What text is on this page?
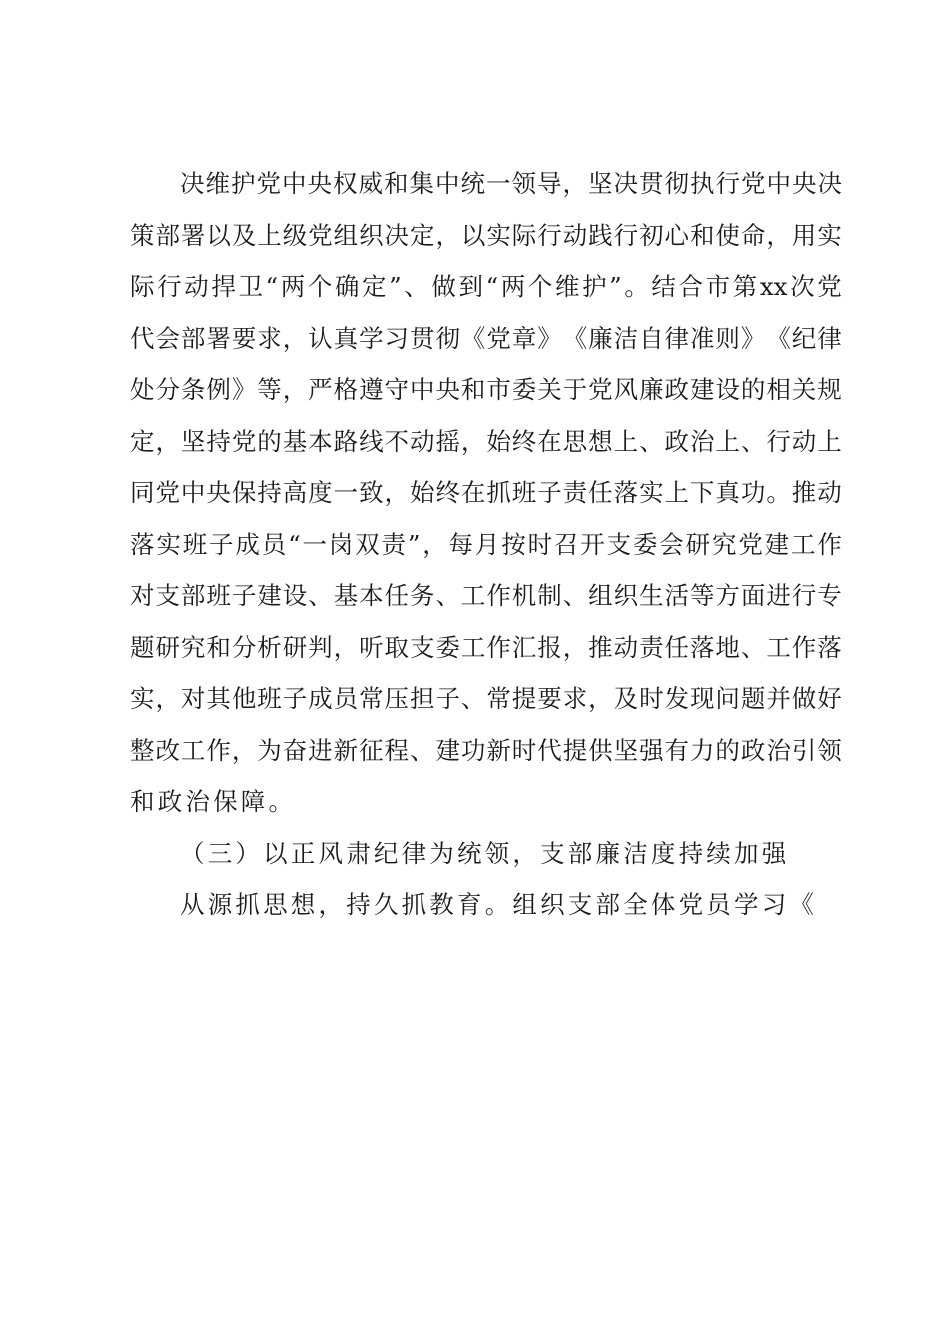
决 维 护 党 中 央 权 威 和 集 中 统 一 领 导 ， 坚 决 贯 彻 执 行 党 中 央 决
策 部 署 以 及 上 级 党 组 织 决 定 ， 以 实 际 行 动 践 行 初 心 和 使 命 ， 用 实
际 行 动 捍 卫 “ 两 个 确 定 ” 、 做 到 “ 两 个 维 护 ” 。 结 合 市 第 xx 次 党
代 会 部 署 要 求 ， 认 真 学 习 贯 彻 《 党 章 》 《 廉 洁 自 律 准 则 》 《 纪 律
处 分 条 例 》 等 ， 严 格 遵 守 中 央 和 市 委 关 于 党 风 廉 政 建 设 的 相 关 规
定 ， 坚 持 党 的 基 本 路 线 不 动 摇 ， 始 终 在 思 想 上 、 政 治 上 、 行 动 上
同 党 中 央 保 持 高 度 一 致 ， 始 终 在 抓 班 子 责 任 落 实 上 下 真 功 。 推 动
落 实 班 子 成 员 “ 一 岗 双 责 ” ， 每 月 按 时 召 开 支 委 会 研 究 党 建 工 作
对 支 部 班 子 建 设 、 基 本 任 务 、 工 作 机 制 、 组 织 生 活 等 方 面 进 行 专
题 研 究 和 分 析 研 判 ， 听 取 支 委 工 作 汇 报 ， 推 动 责 任 落 地 、 工 作 落
实 ， 对 其 他 班 子 成 员 常 压 担 子 、 常 提 要 求 ， 及 时 发 现 问 题 并 做 好
整 改 工 作 ， 为 奋 进 新 征 程 、 建 功 新 时 代 提 供 坚 强 有 力 的 政 治 引 领
和政治保障。
（三）以正风肃纪律为统领，支部廉洁度持续加强
从源抓思想，持久抓教育。组织支部全体党员学习《
